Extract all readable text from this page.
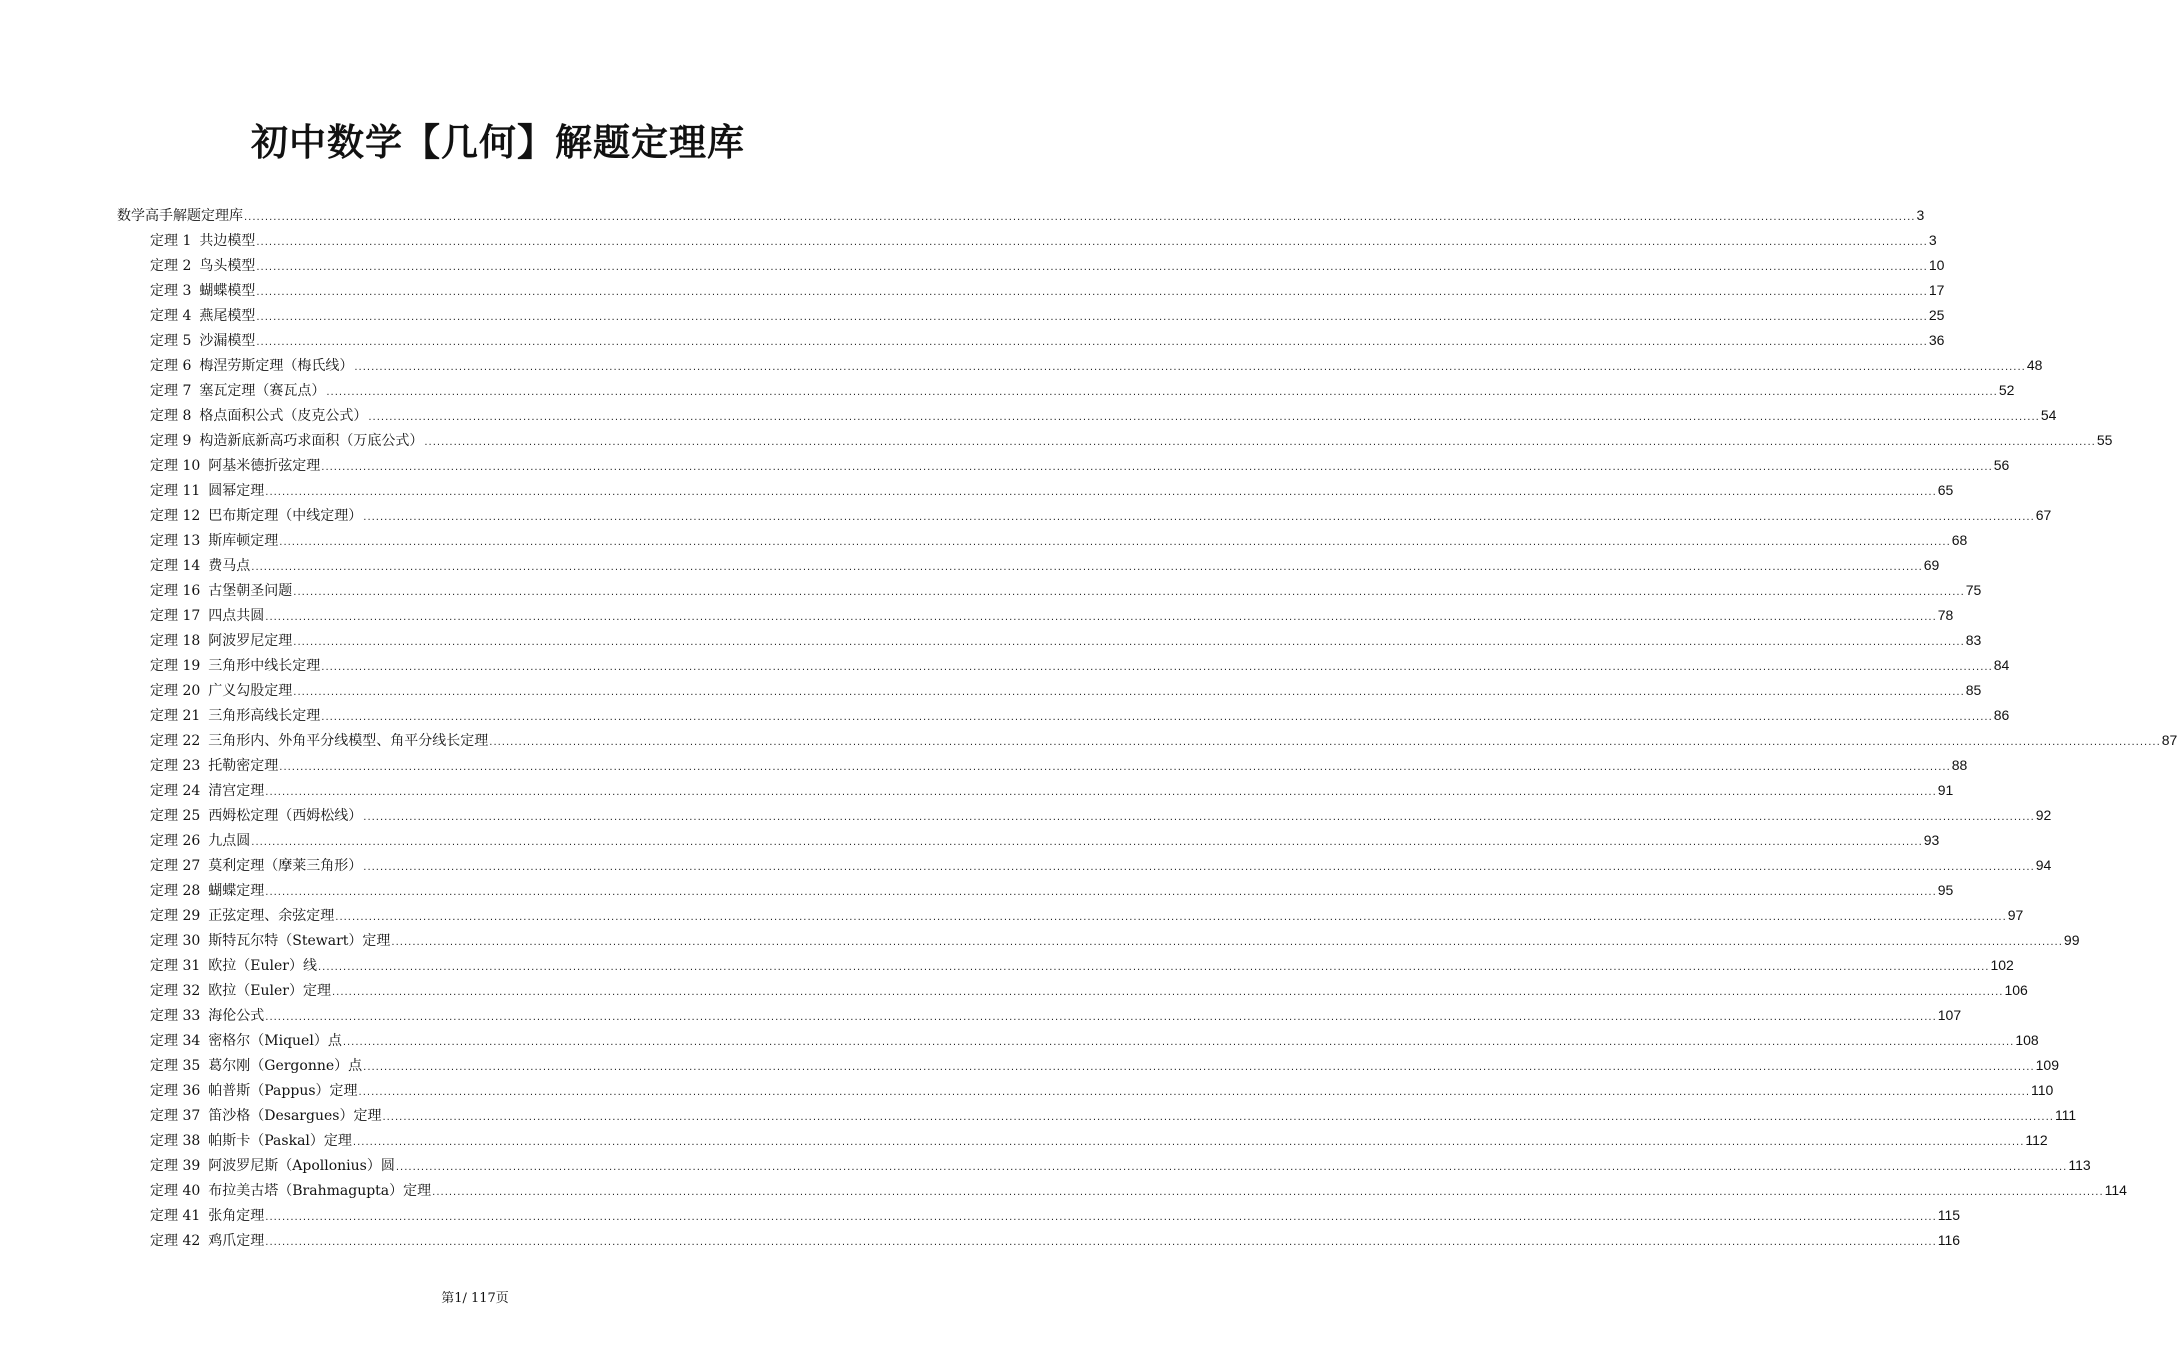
初中数学【几何】解题定理库
数学高手解题定理库 ................................................................................................................................................................................................................................................................................................................................................................................................................ 3
定理 1 共边模型 ................................................................................................................................................................................................................................................................................................................................................................................................................ 3
定理 2 鸟头模型 ................................................................................................................................................................................................................................................................................................................................................................................................................ 10
定理 3 蝴蝶模型 ................................................................................................................................................................................................................................................................................................................................................................................................................ 17
定理 4 燕尾模型 ................................................................................................................................................................................................................................................................................................................................................................................................................ 25
定理 5 沙漏模型 ................................................................................................................................................................................................................................................................................................................................................................................................................ 36
定理 6 梅涅劳斯定理（梅氏线） ................................................................................................................................................................................................................................................................................................................................................................................................................ 48
定理 7 塞瓦定理（赛瓦点） ................................................................................................................................................................................................................................................................................................................................................................................................................ 52
定理 8 格点面积公式（皮克公式） ................................................................................................................................................................................................................................................................................................................................................................................................................ 54
定理 9 构造新底新高巧求面积（万底公式） ................................................................................................................................................................................................................................................................................................................................................................................................................ 55
定理 10 阿基米德折弦定理 ................................................................................................................................................................................................................................................................................................................................................................................................................ 56
定理 11 圆幂定理 ................................................................................................................................................................................................................................................................................................................................................................................................................ 65
定理 12 巴布斯定理（中线定理） ................................................................................................................................................................................................................................................................................................................................................................................................................ 67
定理 13 斯库顿定理 ................................................................................................................................................................................................................................................................................................................................................................................................................ 68
定理 14 费马点 ................................................................................................................................................................................................................................................................................................................................................................................................................ 69
定理 16 古堡朝圣问题 ................................................................................................................................................................................................................................................................................................................................................................................................................ 75
定理 17 四点共圆 ................................................................................................................................................................................................................................................................................................................................................................................................................ 78
定理 18 阿波罗尼定理 ................................................................................................................................................................................................................................................................................................................................................................................................................ 83
定理 19 三角形中线长定理 ................................................................................................................................................................................................................................................................................................................................................................................................................ 84
定理 20 广义勾股定理 ................................................................................................................................................................................................................................................................................................................................................................................................................ 85
定理 21 三角形高线长定理 ................................................................................................................................................................................................................................................................................................................................................................................................................ 86
定理 22 三角形内、外角平分线模型、角平分线长定理 ................................................................................................................................................................................................................................................................................................................................................................................................................ 87
定理 23 托勒密定理 ................................................................................................................................................................................................................................................................................................................................................................................................................ 88
定理 24 清宫定理 ................................................................................................................................................................................................................................................................................................................................................................................................................ 91
定理 25 西姆松定理（西姆松线） ................................................................................................................................................................................................................................................................................................................................................................................................................ 92
定理 26 九点圆 ................................................................................................................................................................................................................................................................................................................................................................................................................ 93
定理 27 莫利定理（摩莱三角形） ................................................................................................................................................................................................................................................................................................................................................................................................................ 94
定理 28 蝴蝶定理 ................................................................................................................................................................................................................................................................................................................................................................................................................ 95
定理 29 正弦定理、余弦定理 ................................................................................................................................................................................................................................................................................................................................................................................................................ 97
定理 30 斯特瓦尔特（Stewart）定理 ................................................................................................................................................................................................................................................................................................................................................................................................................ 99
定理 31 欧拉（Euler）线 ................................................................................................................................................................................................................................................................................................................................................................................................................ 102
定理 32 欧拉（Euler）定理 ................................................................................................................................................................................................................................................................................................................................................................................................................ 106
定理 33 海伦公式 ................................................................................................................................................................................................................................................................................................................................................................................................................ 107
定理 34 密格尔（Miquel）点 ................................................................................................................................................................................................................................................................................................................................................................................................................ 108
定理 35 葛尔刚（Gergonne）点 ................................................................................................................................................................................................................................................................................................................................................................................................................ 109
定理 36 帕普斯（Pappus）定理 ................................................................................................................................................................................................................................................................................................................................................................................................................ 110
定理 37 笛沙格（Desargues）定理 ................................................................................................................................................................................................................................................................................................................................................................................................................ 111
定理 38 帕斯卡（Paskal）定理 ................................................................................................................................................................................................................................................................................................................................................................................................................ 112
定理 39 阿波罗尼斯（Apollonius）圆 ................................................................................................................................................................................................................................................................................................................................................................................................................ 113
定理 40 布拉美古塔（Brahmagupta）定理 ................................................................................................................................................................................................................................................................................................................................................................................................................ 114
定理 41 张角定理 ................................................................................................................................................................................................................................................................................................................................................................................................................ 115
定理 42 鸡爪定理 ................................................................................................................................................................................................................................................................................................................................................................................................................ 116
第1/ 117页
